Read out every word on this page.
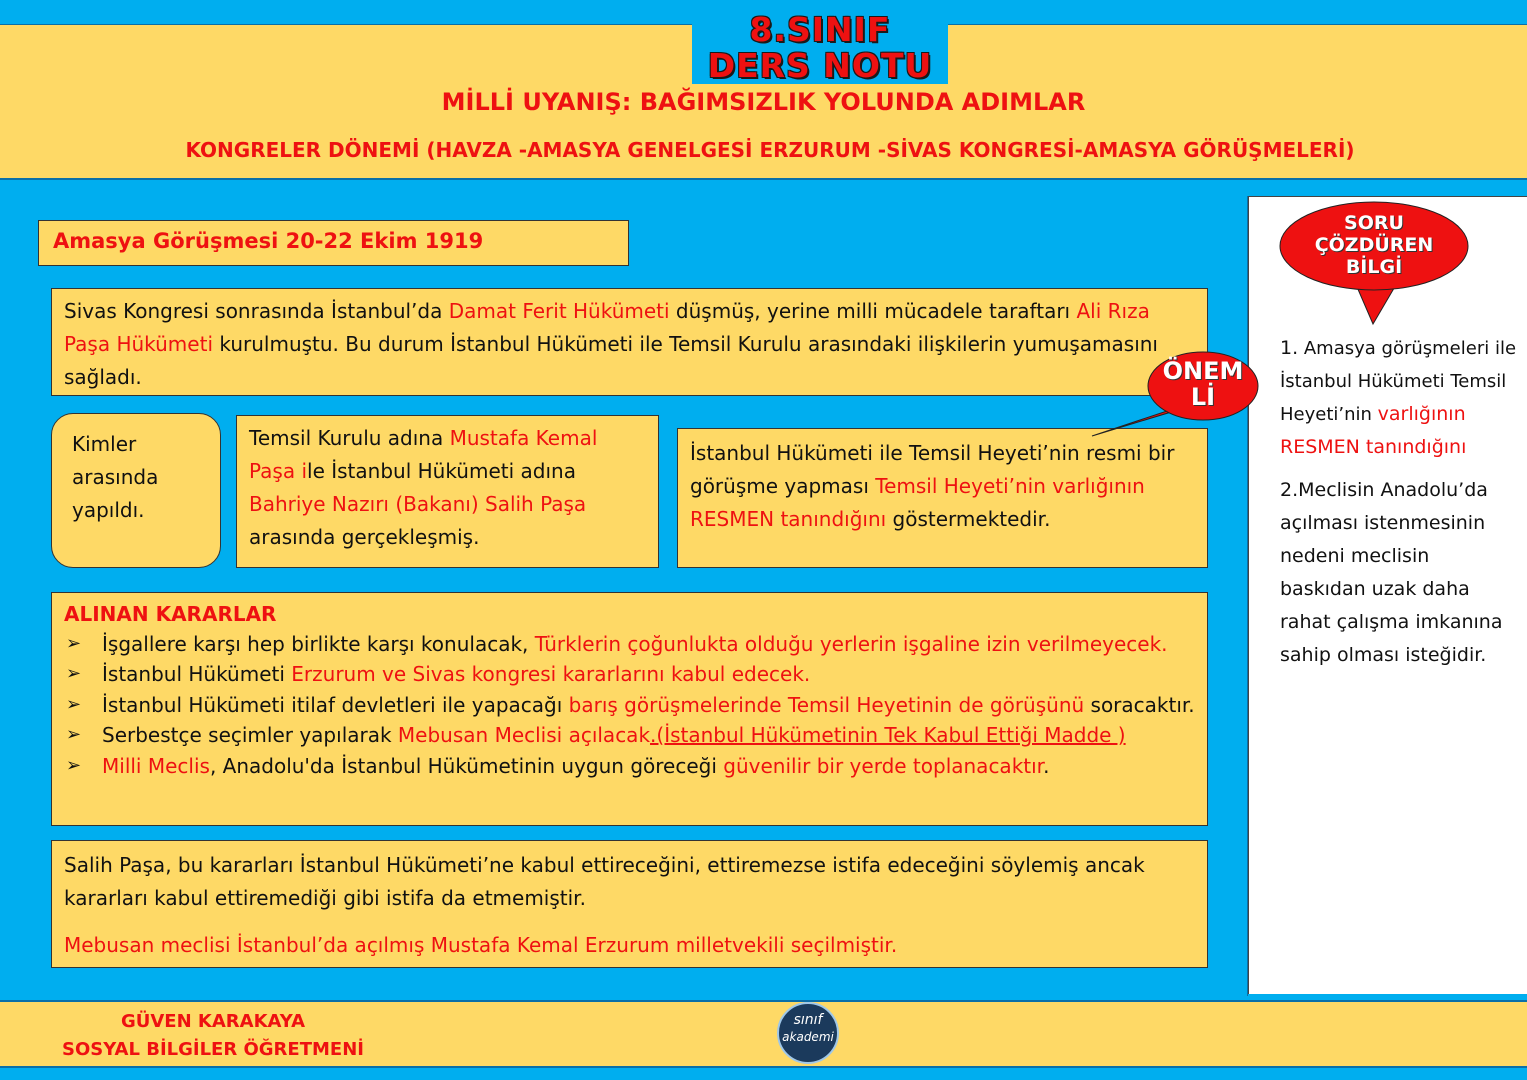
8.SINIF
DERS NOTU
MİLLİ UYANIŞ: BAĞIMSIZLIK YOLUNDA ADIMLAR
KONGRELER DÖNEMİ (HAVZA -AMASYA GENELGESİ ERZURUM -SİVAS KONGRESİ-AMASYA GÖRÜŞMELERİ)
Amasya Görüşmesi 20-22 Ekim 1919
Sivas Kongresi sonrasında İstanbul’da Damat Ferit Hükümeti düşmüş, yerine milli mücadele taraftarı Ali Rıza Paşa Hükümeti kurulmuştu. Bu durum İstanbul Hükümeti ile Temsil Kurulu arasındaki ilişkilerin yumuşamasını sağladı.
Kimler arasında yapıldı.
Temsil Kurulu adına Mustafa Kemal Paşa ile İstanbul Hükümeti adına Bahriye Nazırı (Bakanı) Salih Paşa arasında gerçekleşmiş.
İstanbul Hükümeti ile Temsil Heyeti’nin resmi bir görüşme yapması Temsil Heyeti’nin varlığının RESMEN tanındığını göstermektedir.
ÖNEM
Lİ
ALINAN KARARLAR
➢ İşgallere karşı hep birlikte karşı konulacak, Türklerin çoğunlukta olduğu yerlerin işgaline izin verilmeyecek.
➢ İstanbul Hükümeti Erzurum ve Sivas kongresi kararlarını kabul edecek.
➢ İstanbul Hükümeti itilaf devletleri ile yapacağı barış görüşmelerinde Temsil Heyetinin de görüşünü soracaktır.
➢ Serbestçe seçimler yapılarak Mebusan Meclisi açılacak.(İstanbul Hükümetinin Tek Kabul Ettiği Madde )
➢ Milli Meclis, Anadolu'da İstanbul Hükümetinin uygun göreceği güvenilir bir yerde toplanacaktır.
Salih Paşa, bu kararları İstanbul Hükümeti’ne kabul ettireceğini, ettiremezse istifa edeceğini söylemiş ancak kararları kabul ettiremediği gibi istifa da etmemiştir.
Mebusan meclisi İstanbul’da açılmış Mustafa Kemal Erzurum milletvekili seçilmiştir.
SORU
ÇÖZDÜREN
BİLGİ

1. Amasya görüşmeleri ile İstanbul Hükümeti Temsil Heyeti’nin varlığının RESMEN tanındığını

2.Meclisin Anadolu’da açılması istenmesinin nedeni meclisin baskıdan uzak daha rahat çalışma imkanına sahip olması isteğidir.

GÜVEN KARAKAYA
SOSYAL BİLGİLER ÖĞRETMENİ
sınıf
akademi
